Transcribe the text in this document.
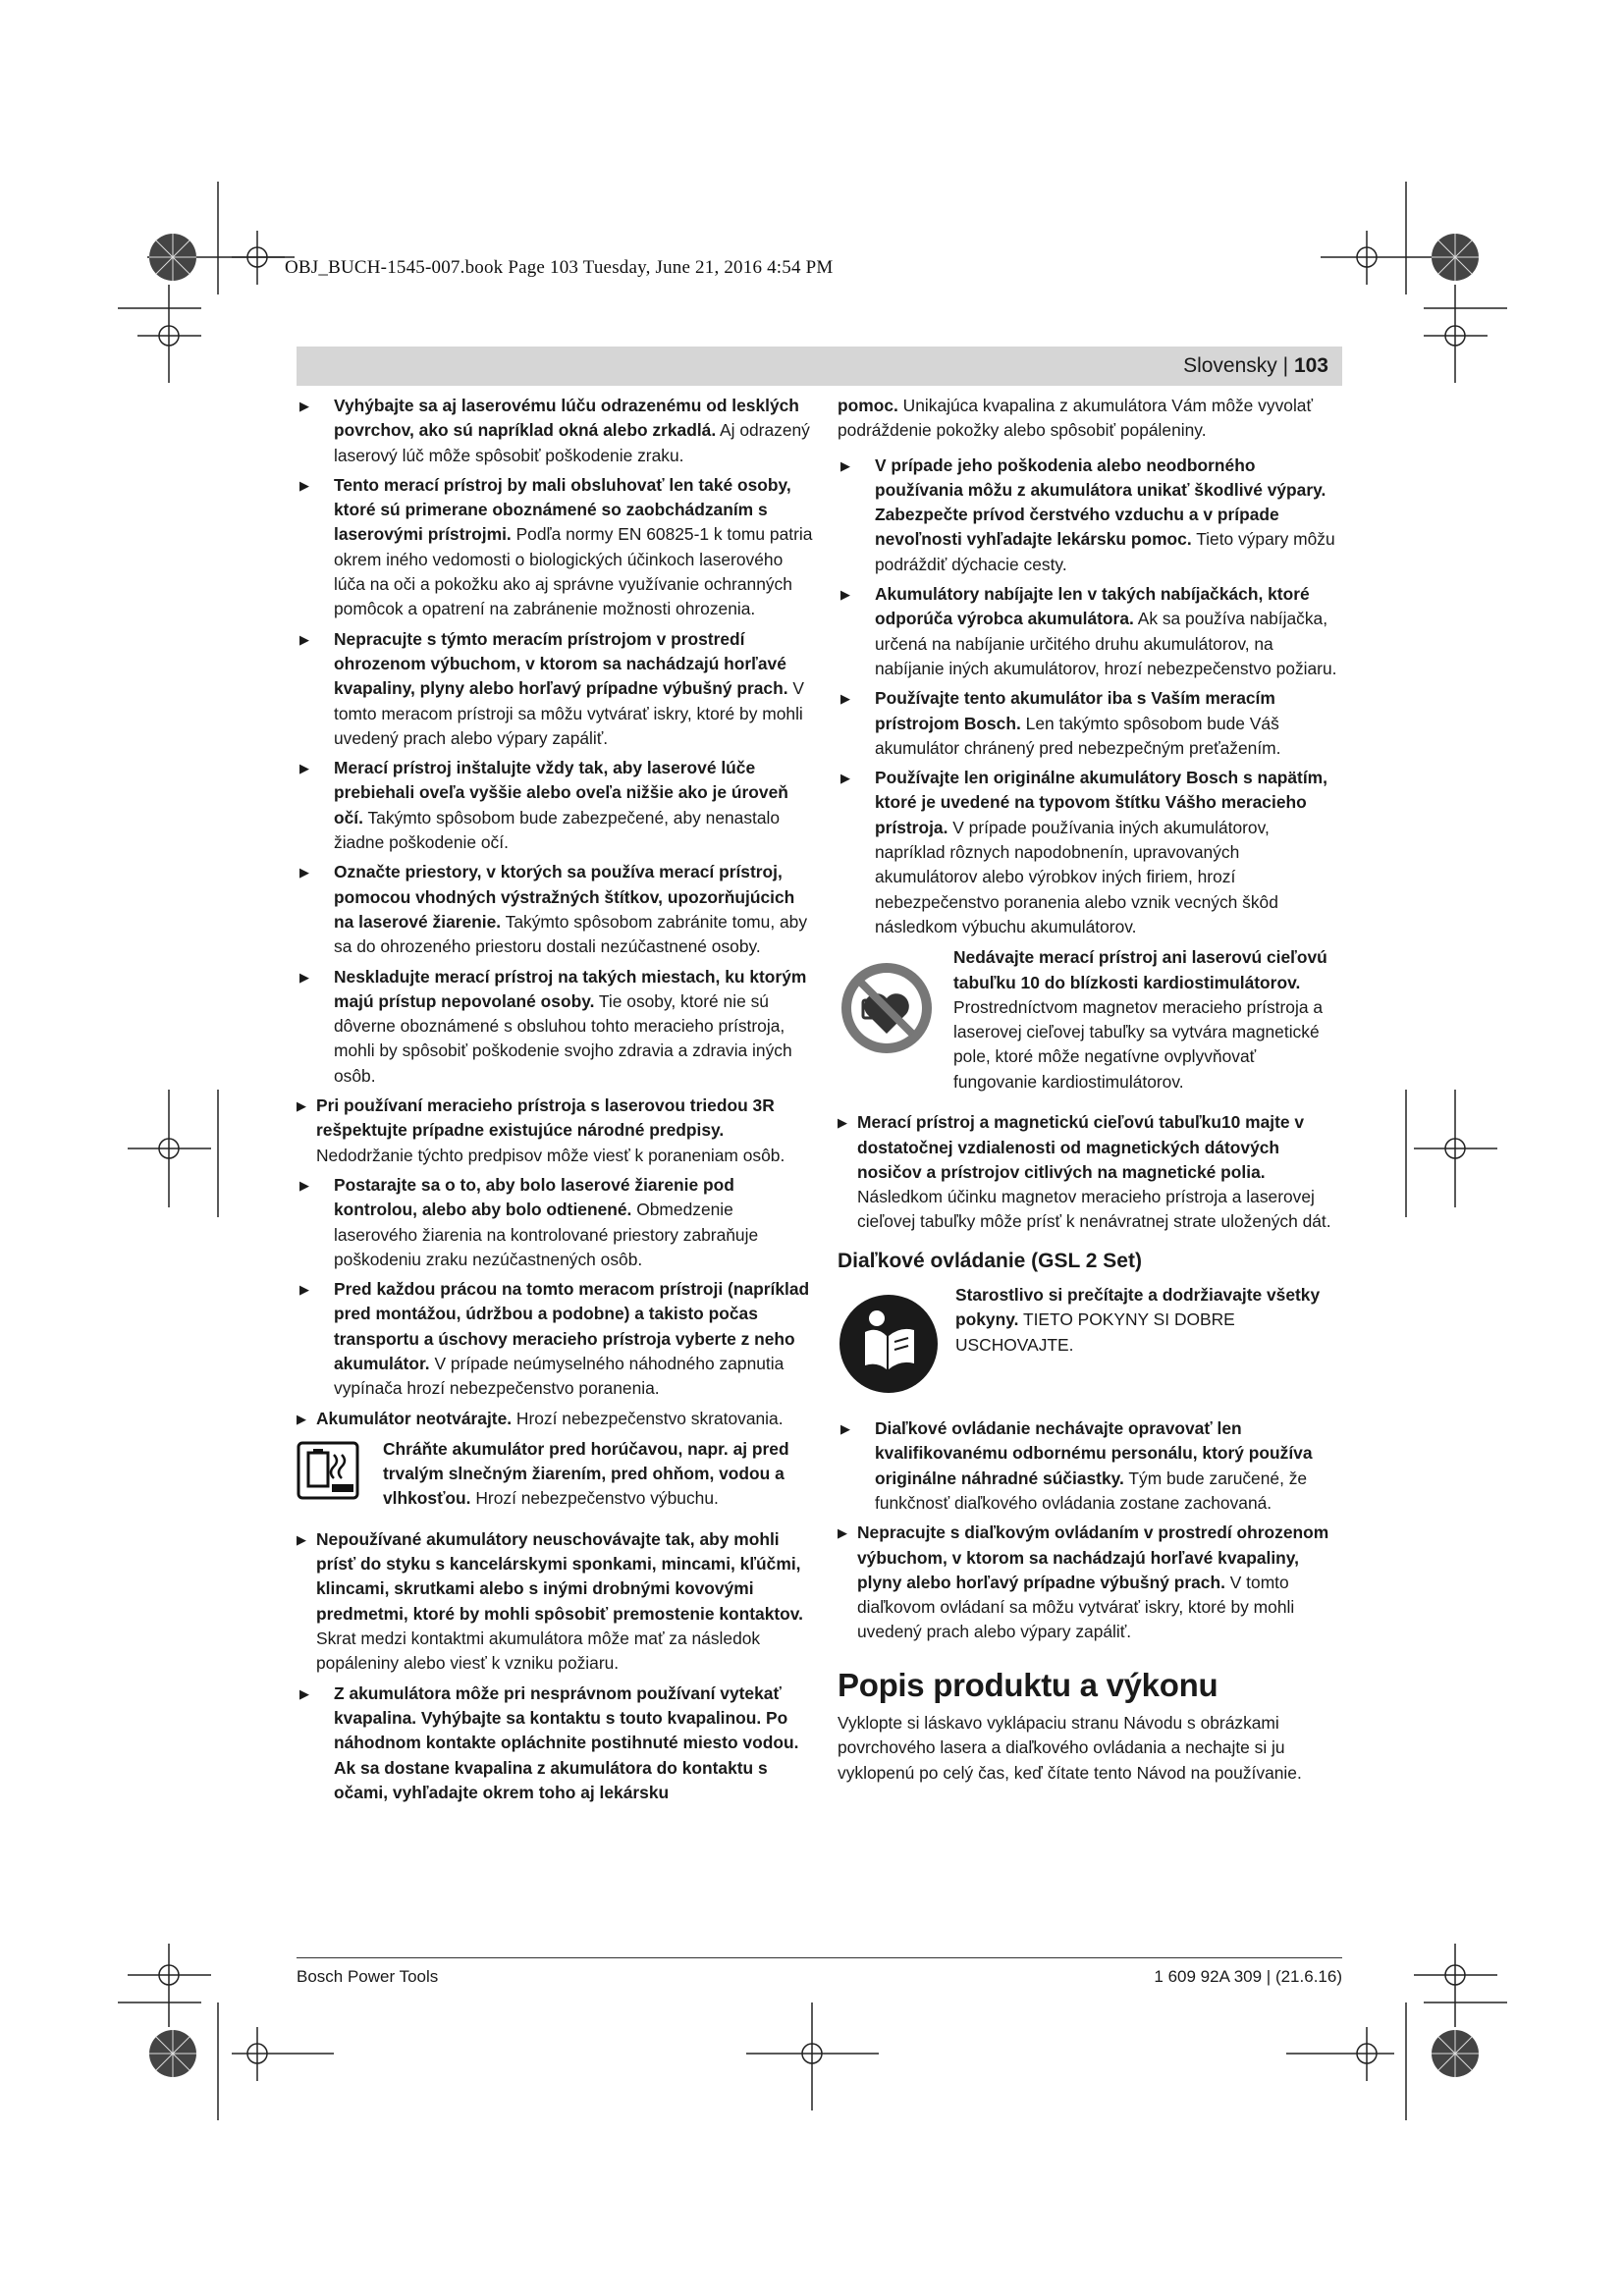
OBJ_BUCH-1545-007.book Page 103 Tuesday, June 21, 2016 4:54 PM
Slovensky | 103
▶ Vyhýbajte sa aj laserovému lúču odrazenému od lesklých povrchov, ako sú napríklad okná alebo zrkadlá. Aj odrazený laserový lúč môže spôsobiť poškodenie zraku.
▶ Tento merací prístroj by mali obsluhovať len také osoby, ktoré sú primerane oboznámené so zaobchádzaním s laserovými prístrojmi. Podľa normy EN 60825-1 k tomu patria okrem iného vedomosti o biologických účinkoch laserového lúča na oči a pokožku ako aj správne využívanie ochranných pomôcok a opatrení na zabránenie možnosti ohrozenia.
▶ Nepracujte s týmto meracím prístrojom v prostredí ohrozenom výbuchom, v ktorom sa nachádzajú horľavé kvapaliny, plyny alebo horľavý prípadne výbušný prach. V tomto meracom prístroji sa môžu vytvárať iskry, ktoré by mohli uvedený prach alebo výpary zapáliť.
▶ Merací prístroj inštalujte vždy tak, aby laserové lúče prebiehali oveľa vyššie alebo oveľa nižšie ako je úroveň očí. Takýmto spôsobom bude zabezpečené, aby nenastalo žiadne poškodenie očí.
▶ Označte priestory, v ktorých sa používa merací prístroj, pomocou vhodných výstražných štítkov, upozorňujúcich na laserové žiarenie. Takýmto spôsobom zabránite tomu, aby sa do ohrozeného priestoru dostali nezúčastnené osoby.
▶ Neskladujte merací prístroj na takých miestach, ku ktorým majú prístup nepovolané osoby. Tie osoby, ktoré nie sú dôverne oboznámené s obsluhou tohto meracieho prístroja, mohli by spôsobiť poškodenie svojho zdravia a zdravia iných osôb.
▶ Pri používaní meracieho prístroja s laserovou triedou 3R rešpektujte prípadne existujúce národné predpisy. Nedodržanie týchto predpisov môže viesť k poraneniam osôb.
▶ Postarajte sa o to, aby bolo laserové žiarenie pod kontrolou, alebo aby bolo odtienené. Obmedzenie laserového žiarenia na kontrolované priestory zabraňuje poškodeniu zraku nezúčastnených osôb.
▶ Pred každou prácou na tomto meracom prístroji (napríklad pred montážou, údržbou a podobne) a takisto počas transportu a úschovy meracieho prístroja vyberte z neho akumulátor. V prípade neúmyselného náhodného zapnutia vypínača hrozí nebezpečenstvo poranenia.
▶ Akumulátor neotvárajte. Hrozí nebezpečenstvo skratovania.
Chráňte akumulátor pred horúčavou, napr. aj pred trvalým slnečným žiarením, pred ohňom, vodou a vlhkosťou. Hrozí nebezpečenstvo výbuchu.
▶ Nepoužívané akumulátory neuschovávajte tak, aby mohli prísť do styku s kancelárskymi sponkami, mincami, kľúčmi, klincami, skrutkami alebo s inými drobnými kovovými predmetmi, ktoré by mohli spôsobiť premostenie kontaktov. Skrat medzi kontaktmi akumulátora môže mať za následok popáleniny alebo viesť k vzniku požiaru.
▶ Z akumulátora môže pri nesprávnom používaní vytekať kvapalina. Vyhýbajte sa kontaktu s touto kvapalinou. Po náhodnom kontakte opláchnite postihnuté miesto vodou. Ak sa dostane kvapalina z akumulátora do kontaktu s očami, vyhľadajte okrem toho aj lekársku
pomoc. Unikajúca kvapalina z akumulátora Vám môže vyvolať podráždenie pokožky alebo spôsobiť popáleniny.
▶ V prípade jeho poškodenia alebo neodborného používania môžu z akumulátora unikať škodlivé výpary. Zabezpečte prívod čerstvého vzduchu a v prípade nevoľnosti vyhľadajte lekársku pomoc. Tieto výpary môžu podráždiť dýchacie cesty.
▶ Akumulátory nabíjajte len v takých nabíjačkách, ktoré odporúča výrobca akumulátora. Ak sa používa nabíjačka, určená na nabíjanie určitého druhu akumulátorov, na nabíjanie iných akumulátorov, hrozí nebezpečenstvo požiaru.
▶ Používajte tento akumulátor iba s Vaším meracím prístrojom Bosch. Len takýmto spôsobom bude Váš akumulátor chránený pred nebezpečným preťažením.
▶ Používajte len originálne akumulátory Bosch s napätím, ktoré je uvedené na typovom štítku Vášho meracieho prístroja. V prípade používania iných akumulátorov, napríklad rôznych napodobnenín, upravovaných akumulátorov alebo výrobkov iných firiem, hrozí nebezpečenstvo poranenia alebo vznik vecných škôd následkom výbuchu akumulátorov.
Nedávajte merací prístroj ani laserovú cieľovú tabuľku 10 do blízkosti kardiostimulátorov. Prostredníctvom magnetov meracieho prístroja a laserovej cieľovej tabuľky sa vytvára magnetické pole, ktoré môže negatívne ovplyvňovať fungovanie kardiostimulátorov.
▶ Merací prístroj a magnetickú cieľovú tabuľku10 majte v dostatočnej vzdialenosti od magnetických dátových nosičov a prístrojov citlivých na magnetické polia. Následkom účinku magnetov meracieho prístroja a laserovej cieľovej tabuľky môže prísť k nenávratnej strate uložených dát.
Diaľkové ovládanie (GSL 2 Set)
Starostlivo si prečítajte a dodržiavajte všetky pokyny. TIETO POKYNY SI DOBRE USCHOVAJTE.
▶ Diaľkové ovládanie nechávajte opravovať len kvalifikovanému odbornému personálu, ktorý používa originálne náhradné súčiastky. Tým bude zaručené, že funkčnosť diaľkového ovládania zostane zachovaná.
▶ Nepracujte s diaľkovým ovládaním v prostredí ohrozenom výbuchom, v ktorom sa nachádzajú horľavé kvapaliny, plyny alebo horľavý prípadne výbušný prach. V tomto diaľkovom ovládaní sa môžu vytvárať iskry, ktoré by mohli uvedený prach alebo výpary zapáliť.
Popis produktu a výkonu
Vyklopte si láskavo vyklápaciu stranu Návodu s obrázkami povrchového lasera a diaľkového ovládania a nechajte si ju vyklopenú po celý čas, keď čítate tento Návod na používanie.
Bosch Power Tools	1 609 92A 309 | (21.6.16)
